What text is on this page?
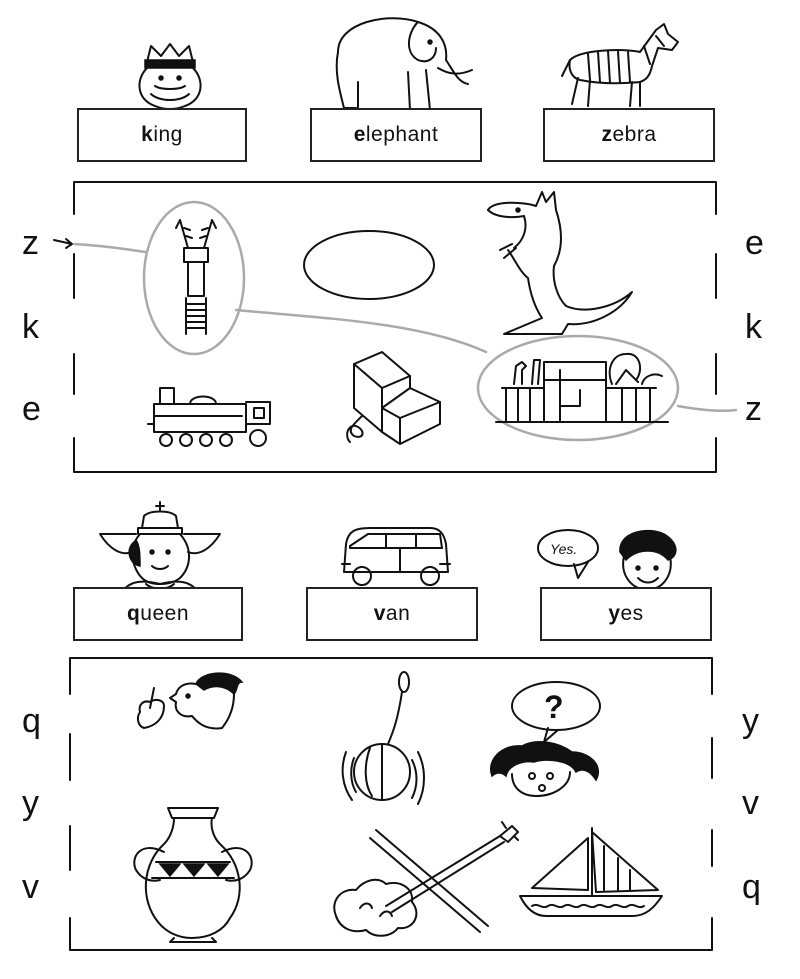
king	elephant	zebra
z
k
e
e
k
z
Yes.
queen	van	yes
q
y
v
y
v
q
?
